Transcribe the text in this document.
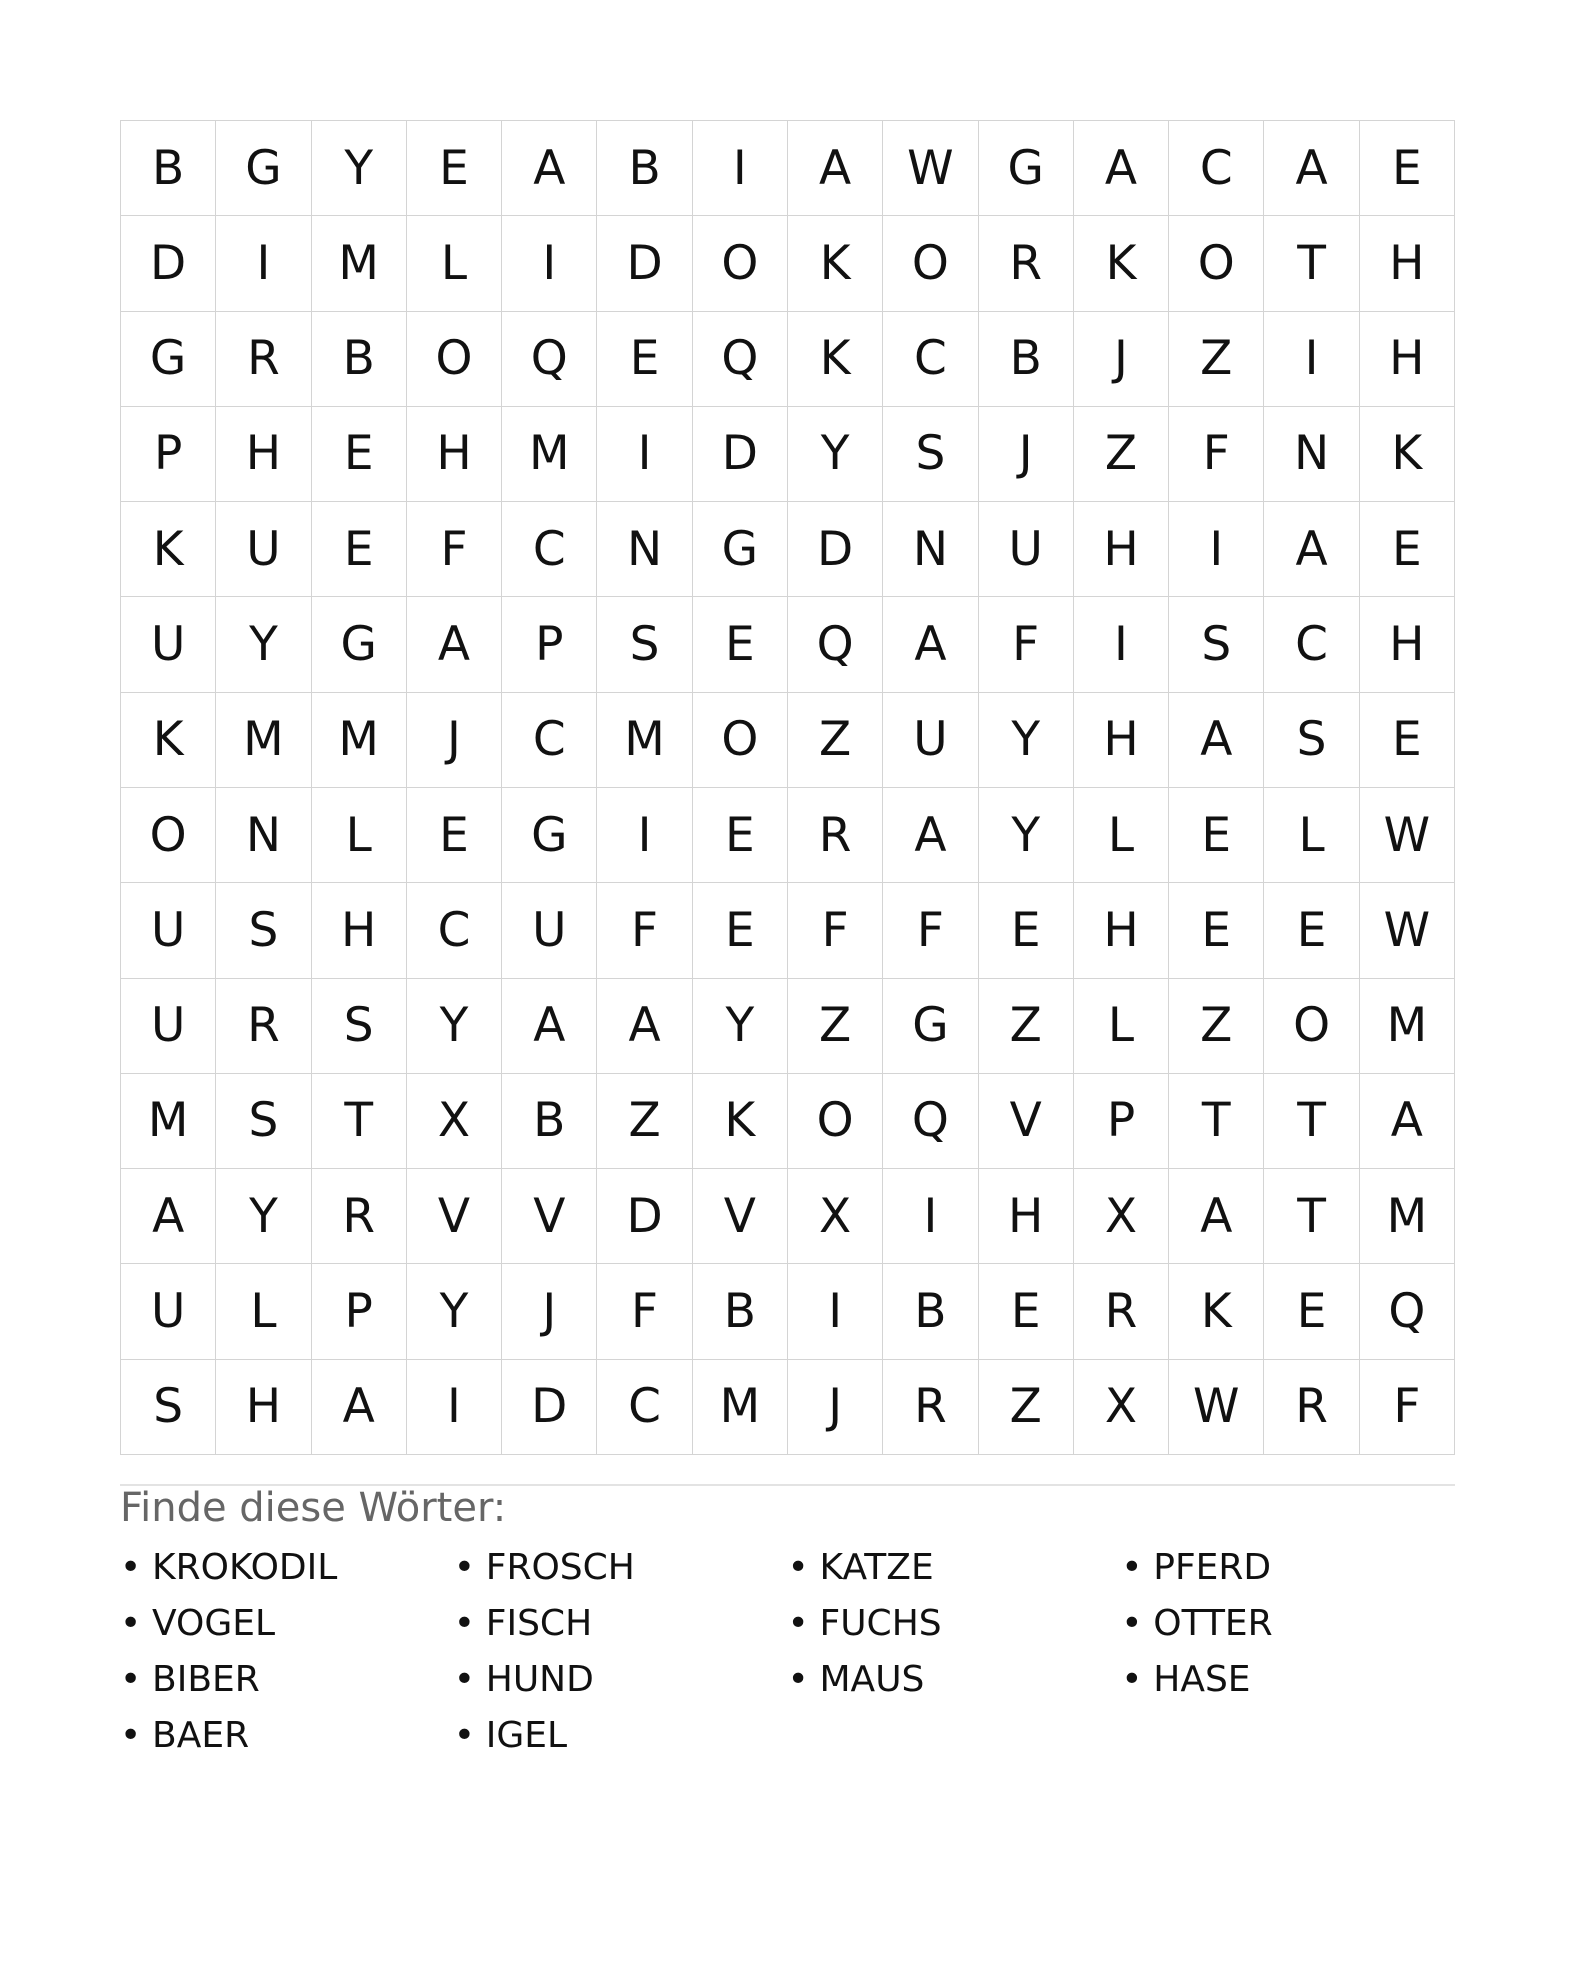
B	G	Y	E	A	B	I	A	W	G	A	C	A	E
D	I	M	L	I	D	O	K	O	R	K	O	T	H
G	R	B	O	Q	E	Q	K	C	B	J	Z	I	H
P	H	E	H	M	I	D	Y	S	J	Z	F	N	K
K	U	E	F	C	N	G	D	N	U	H	I	A	E
U	Y	G	A	P	S	E	Q	A	F	I	S	C	H
K	M	M	J	C	M	O	Z	U	Y	H	A	S	E
O	N	L	E	G	I	E	R	A	Y	L	E	L	W
U	S	H	C	U	F	E	F	F	E	H	E	E	W
U	R	S	Y	A	A	Y	Z	G	Z	L	Z	O	M
M	S	T	X	B	Z	K	O	Q	V	P	T	T	A
A	Y	R	V	V	D	V	X	I	H	X	A	T	M
U	L	P	Y	J	F	B	I	B	E	R	K	E	Q
S	H	A	I	D	C	M	J	R	Z	X	W	R	F
Finde diese Wörter:
• KROKODIL	• FROSCH	• KATZE	• PFERD
• VOGEL	• FISCH	• FUCHS	• OTTER
• BIBER	• HUND	• MAUS	• HASE
• BAER	• IGEL
